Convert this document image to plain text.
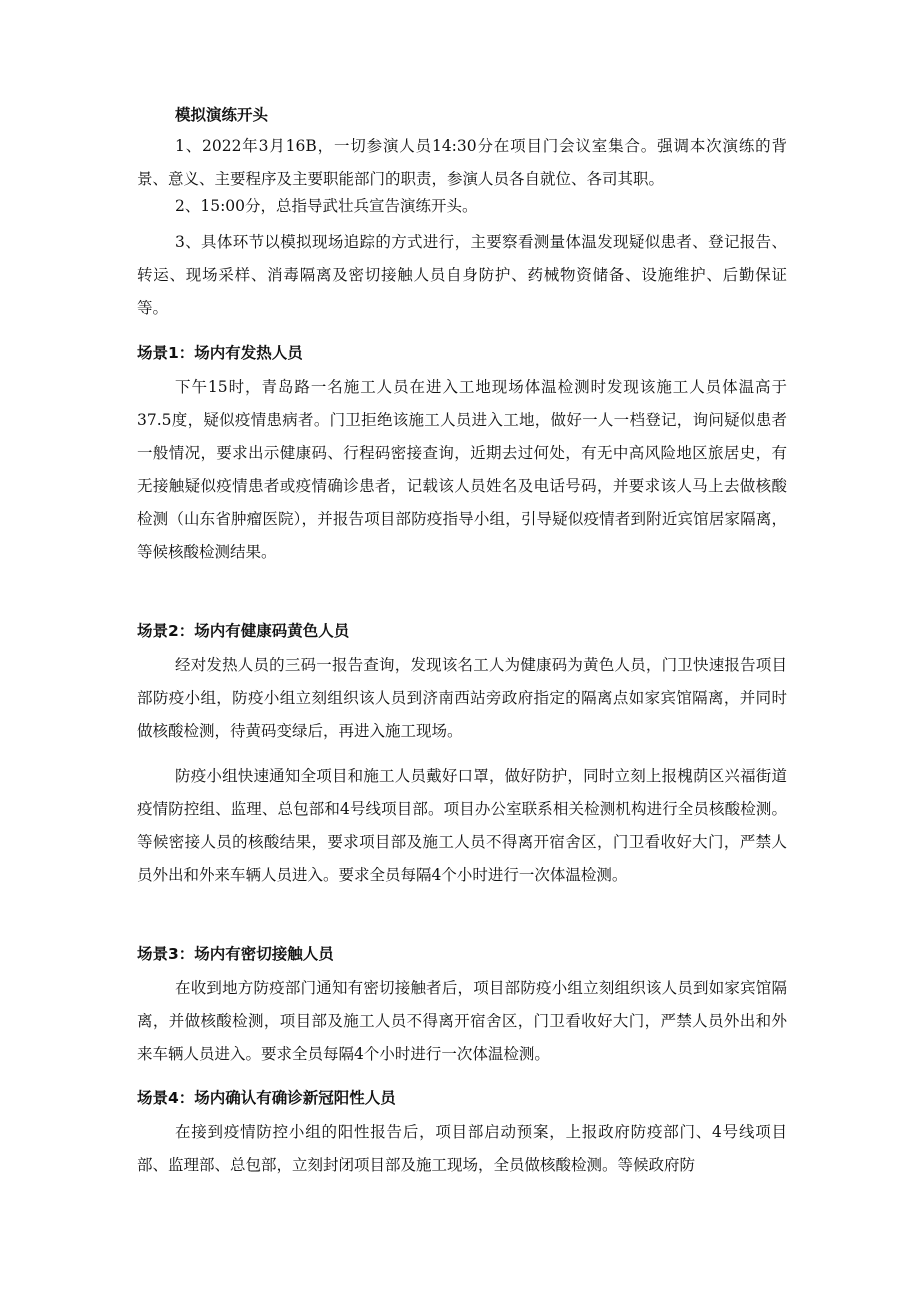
模拟演练开头

1、2022年3月16B，一切参演人员14:30分在项目门会议室集合。强调本次演练的背景、意义、主要程序及主要职能部门的职责，参演人员各自就位、各司其职。

2、15:00分，总指导武壮兵宣告演练开头。

3、具体环节以模拟现场追踪的方式进行，主要察看测量体温发现疑似患者、登记报告、转运、现场采样、消毒隔离及密切接触人员自身防护、药械物资储备、设施维护、后勤保证等。

场景1：场内有发热人员

下午15时，青岛路一名施工人员在进入工地现场体温检测时发现该施工人员体温高于37.5度，疑似疫情患病者。门卫拒绝该施工人员进入工地，做好一人一档登记，询问疑似患者一般情况，要求出示健康码、行程码密接查询，近期去过何处，有无中高风险地区旅居史，有无接触疑似疫情患者或疫情确诊患者，记载该人员姓名及电话号码，并要求该人马上去做核酸检测（山东省肿瘤医院），并报告项目部防疫指导小组，引导疑似疫情者到附近宾馆居家隔离，等候核酸检测结果。

场景2：场内有健康码黄色人员

经对发热人员的三码一报告查询，发现该名工人为健康码为黄色人员，门卫快速报告项目部防疫小组，防疫小组立刻组织该人员到济南西站旁政府指定的隔离点如家宾馆隔离，并同时做核酸检测，待黄码变绿后，再进入施工现场。

防疫小组快速通知全项目和施工人员戴好口罩，做好防护，同时立刻上报槐荫区兴福街道疫情防控组、监理、总包部和4号线项目部。项目办公室联系相关检测机构进行全员核酸检测。等候密接人员的核酸结果，要求项目部及施工人员不得离开宿舍区，门卫看收好大门，严禁人员外出和外来车辆人员进入。要求全员每隔4个小时进行一次体温检测。

场景3：场内有密切接触人员

在收到地方防疫部门通知有密切接触者后，项目部防疫小组立刻组织该人员到如家宾馆隔离，并做核酸检测，项目部及施工人员不得离开宿舍区，门卫看收好大门，严禁人员外出和外来车辆人员进入。要求全员每隔4个小时进行一次体温检测。

场景4：场内确认有确诊新冠阳性人员

在接到疫情防控小组的阳性报告后，项目部启动预案，上报政府防疫部门、4号线项目部、监理部、总包部，立刻封闭项目部及施工现场，全员做核酸检测。等候政府防
